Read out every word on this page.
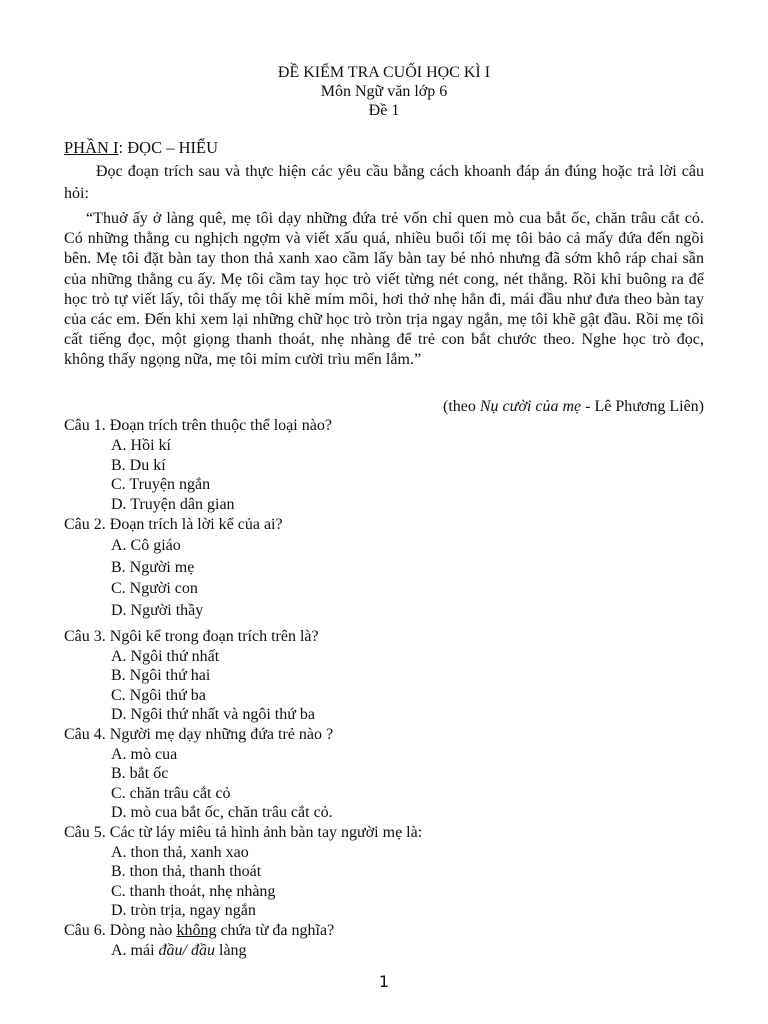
ĐỀ KIỂM TRA CUỐI HỌC KÌ I
Môn Ngữ văn lớp 6
Đề 1
PHẦN I: ĐỌC – HIỂU
Đọc đoạn trích sau và thực hiện các yêu cầu bằng cách khoanh đáp án đúng hoặc trả lời câu hỏi:
“Thuở ấy ở làng quê, mẹ tôi dạy những đứa trẻ vốn chỉ quen mò cua bắt ốc, chăn trâu cắt cỏ. Có những thằng cu nghịch ngợm và viết xấu quá, nhiều buổi tối mẹ tôi bảo cả mấy đứa đến ngồi bên. Mẹ tôi đặt bàn tay thon thả xanh xao cầm lấy bàn tay bé nhỏ nhưng đã sớm khô ráp chai sần của những thằng cu ấy. Mẹ tôi cầm tay học trò viết từng nét cong, nét thẳng. Rồi khi buông ra để học trò tự viết lấy, tôi thấy mẹ tôi khẽ mím môi, hơi thở nhẹ hẳn đi, mái đầu như đưa theo bàn tay của các em. Đến khi xem lại những chữ học trò tròn trịa ngay ngắn, mẹ tôi khẽ gật đầu. Rồi mẹ tôi cất tiếng đọc, một giọng thanh thoát, nhẹ nhàng để trẻ con bắt chước theo. Nghe học trò đọc, không thấy ngọng nữa, mẹ tôi mỉm cười trìu mến lắm.”
(theo Nụ cười của mẹ - Lê Phương Liên)
Câu 1. Đoạn trích trên thuộc thể loại nào?
A. Hồi kí
B. Du kí
C. Truyện ngắn
D. Truyện dân gian
Câu 2. Đoạn trích là lời kể của ai?
A. Cô giáo
B. Người mẹ
C. Người con
D. Người thầy
Câu 3. Ngôi kể trong đoạn trích trên là?
A. Ngôi thứ nhất
B. Ngôi thứ hai
C. Ngôi thứ ba
D. Ngôi thứ nhất và ngôi thứ ba
Câu 4. Người mẹ dạy những đứa trẻ nào ?
A. mò cua
B. bắt ốc
C. chăn trâu cắt cỏ
D. mò cua bắt ốc, chăn trâu cắt cỏ.
Câu 5. Các từ láy miêu tả hình ảnh bàn tay người mẹ là:
A. thon thả, xanh xao
B. thon thả, thanh thoát
C. thanh thoát, nhẹ nhàng
D. tròn trịa, ngay ngắn
Câu 6. Dòng nào không chứa từ đa nghĩa?
A. mái đầu/ đầu làng
1
